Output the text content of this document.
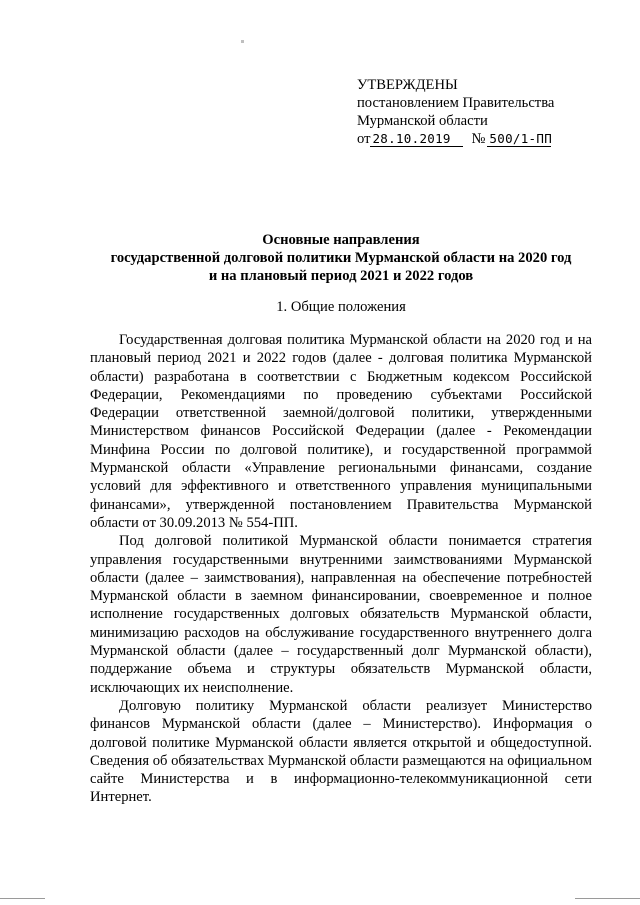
УТВЕРЖДЕНЫ
постановлением Правительства
Мурманской области
от 28.10.2019 № 500/1-ПП
Основные направления
государственной долговой политики Мурманской области на 2020 год
и на плановый период 2021 и 2022 годов
1. Общие положения

Государственная долговая политика Мурманской области на 2020 год и на плановый период 2021 и 2022 годов (далее - долговая политика Мурманской области) разработана в соответствии с Бюджетным кодексом Российской Федерации, Рекомендациями по проведению субъектами Российской Федерации ответственной заемной/долговой политики, утвержденными Министерством финансов Российской Федерации (далее - Рекомендации Минфина России по долговой политике), и государственной программой Мурманской области «Управление региональными финансами, создание условий для эффективного и ответственного управления муниципальными финансами», утвержденной постановлением Правительства Мурманской области от 30.09.2013 № 554-ПП.

Под долговой политикой Мурманской области понимается стратегия управления государственными внутренними заимствованиями Мурманской области (далее – заимствования), направленная на обеспечение потребностей Мурманской области в заемном финансировании, своевременное и полное исполнение государственных долговых обязательств Мурманской области, минимизацию расходов на обслуживание государственного внутреннего долга Мурманской области (далее – государственный долг Мурманской области), поддержание объема и структуры обязательств Мурманской области, исключающих их неисполнение.

Долговую политику Мурманской области реализует Министерство финансов Мурманской области (далее – Министерство). Информация о долговой политике Мурманской области является открытой и общедоступной. Сведения об обязательствах Мурманской области размещаются на официальном сайте Министерства и в информационно-телекоммуникационной сети Интернет.
